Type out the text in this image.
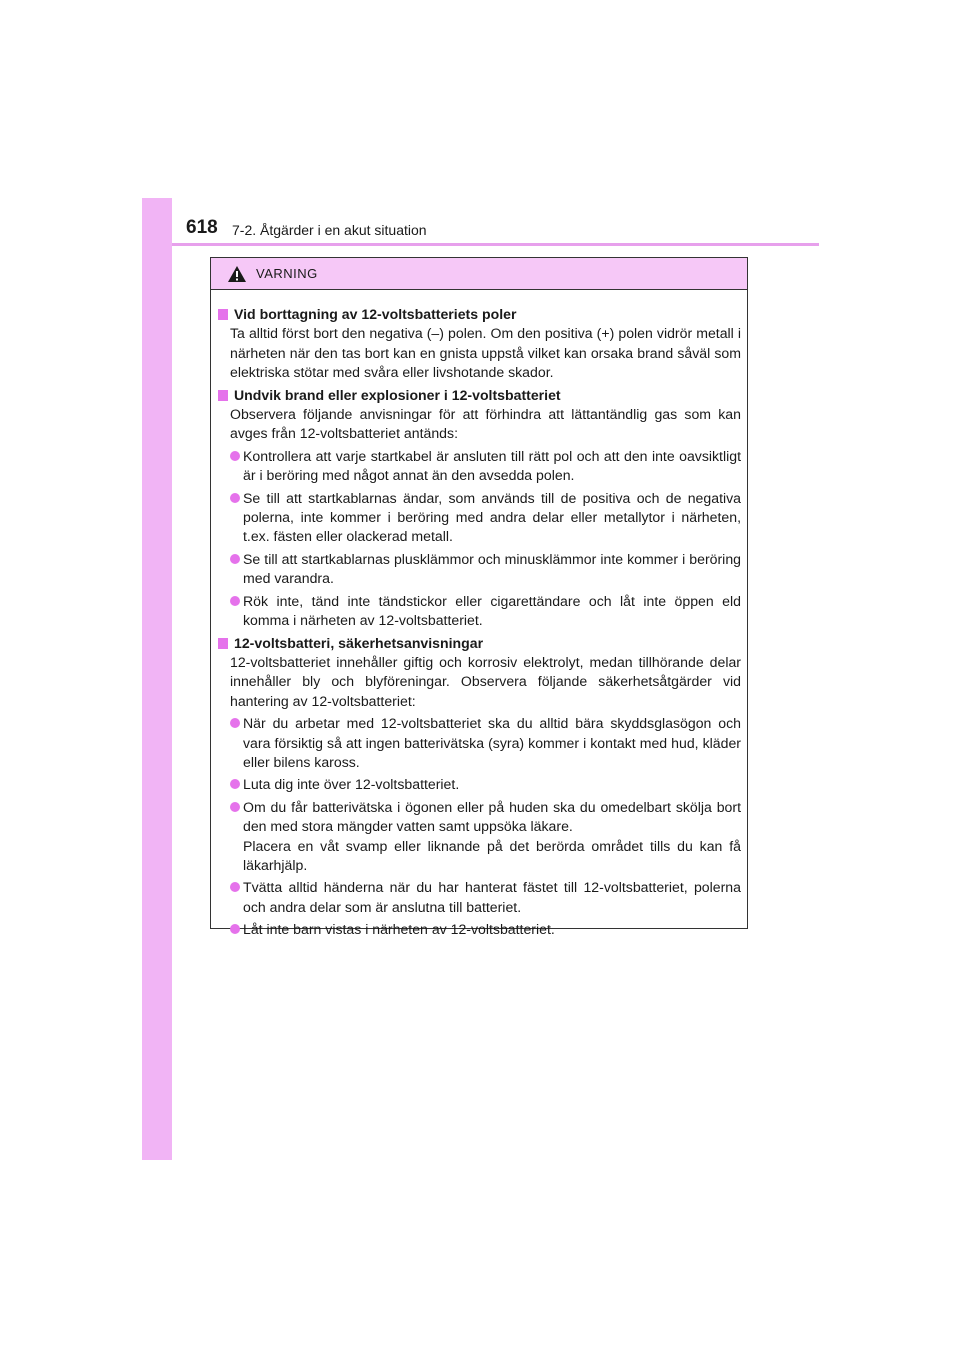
618 7-2. Åtgärder i en akut situation
VARNING
Vid borttagning av 12-voltsbatteriets poler
Ta alltid först bort den negativa (–) polen. Om den positiva (+) polen vidrör metall i närheten när den tas bort kan en gnista uppstå vilket kan orsaka brand såväl som elektriska stötar med svåra eller livshotande skador.
Undvik brand eller explosioner i 12-voltsbatteriet
Observera följande anvisningar för att förhindra att lättantändlig gas som kan avges från 12-voltsbatteriet antänds:
Kontrollera att varje startkabel är ansluten till rätt pol och att den inte oavsiktligt är i beröring med något annat än den avsedda polen.
Se till att startkablarnas ändar, som används till de positiva och de negativa polerna, inte kommer i beröring med andra delar eller metallytor i närheten, t.ex. fästen eller olackerad metall.
Se till att startkablarnas plusklämmor och minusklämmor inte kommer i beröring med varandra.
Rök inte, tänd inte tändstickor eller cigarettändare och låt inte öppen eld komma i närheten av 12-voltsbatteriet.
12-voltsbatteri, säkerhetsanvisningar
12-voltsbatteriet innehåller giftig och korrosiv elektrolyt, medan tillhörande delar innehåller bly och blyföreningar. Observera följande säkerhetsåtgärder vid hantering av 12-voltsbatteriet:
När du arbetar med 12-voltsbatteriet ska du alltid bära skyddsglasögon och vara försiktig så att ingen batterivätska (syra) kommer i kontakt med hud, kläder eller bilens kaross.
Luta dig inte över 12-voltsbatteriet.
Om du får batterivätska i ögonen eller på huden ska du omedelbart skölja bort den med stora mängder vatten samt uppsöka läkare.
Placera en våt svamp eller liknande på det berörda området tills du kan få läkarhjälp.
Tvätta alltid händerna när du har hanterat fästet till 12-voltsbatteriet, polerna och andra delar som är anslutna till batteriet.
Låt inte barn vistas i närheten av 12-voltsbatteriet.
